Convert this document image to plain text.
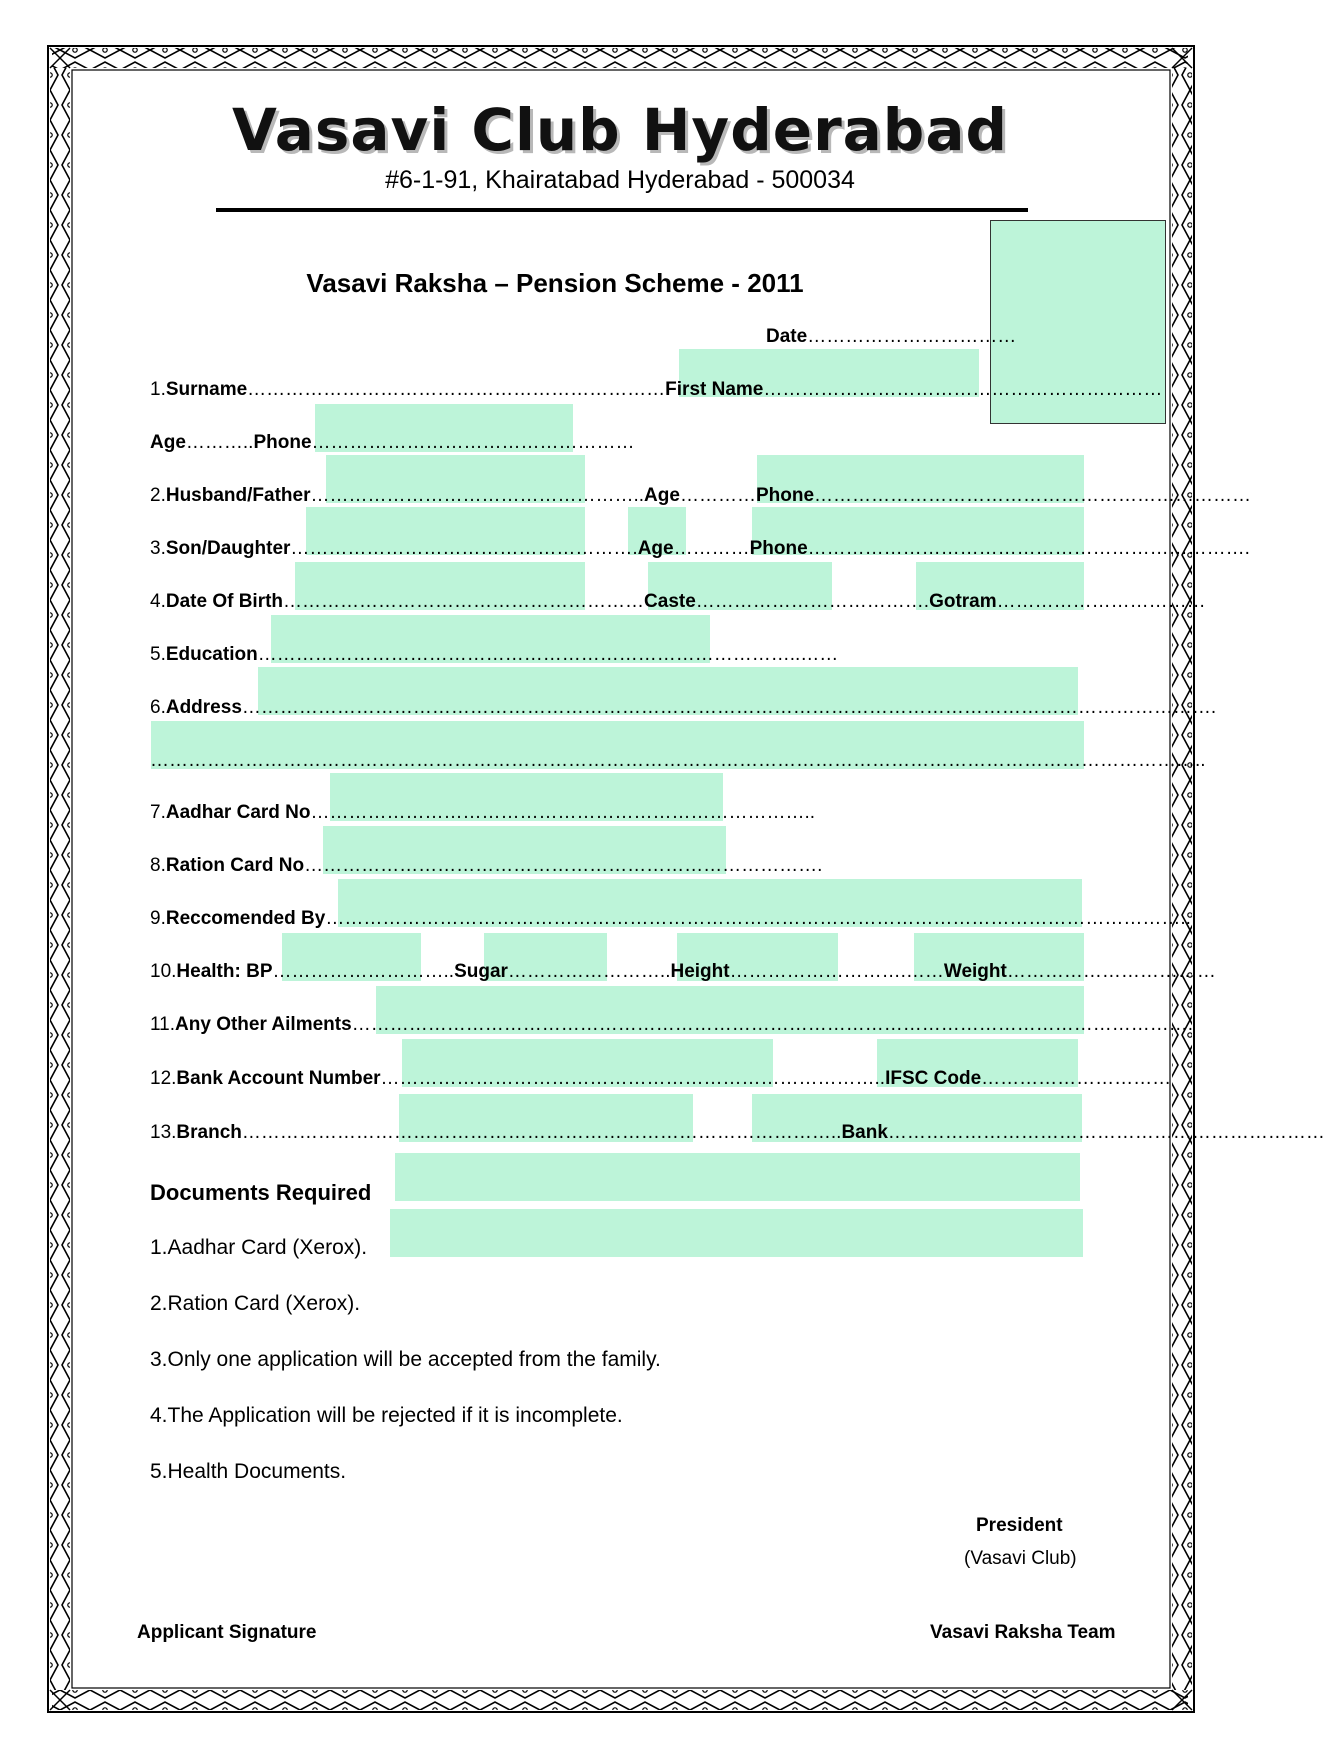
Vasavi Club Hyderabad
#6-1-91, Khairatabad Hyderabad - 500034
Vasavi Raksha – Pension Scheme - 2011
Date……………………………
1.Surname…………………………………………………………First Name………………………………………………………
Age………..Phone……………………………………………
2.Husband/Father……………………………………………..Age…………Phone……………………………………………………………
3.Son/Daughter……………………………………………….Age…………Phone…………………………………………………………….
4.Date Of Birth…………………………………………………Caste……………………………….Gotram……………………………
5.Education…………………………………………………………………………..……
6.Address……………………………………………………………………………………………………………………………………….
…………………………………………………………………………………………………………………………………………………..
7.Aadhar Card No……………………………………………………………………..
8.Ration Card No……………………………………………………………………….
9.Reccomended By………………………………………………………………………………………………………………………..
10.Health: BP………………………..Sugar……………………..Height……………………….……Weight……………………………
11.Any Other Ailments…………………………………………………………………………………………………………………….
12.Bank Account Number……………………………………………………………………..IFSC Code…………………………
13.Branch…………………………………………………………………………………..Bank……………………………………………………………
Documents Required
1.Aadhar Card (Xerox).
2.Ration Card (Xerox).
3.Only one application will be accepted from the family.
4.The Application will be rejected if it is incomplete.
5.Health Documents.
President
(Vasavi Club)
Applicant Signature	Vasavi Raksha Team
